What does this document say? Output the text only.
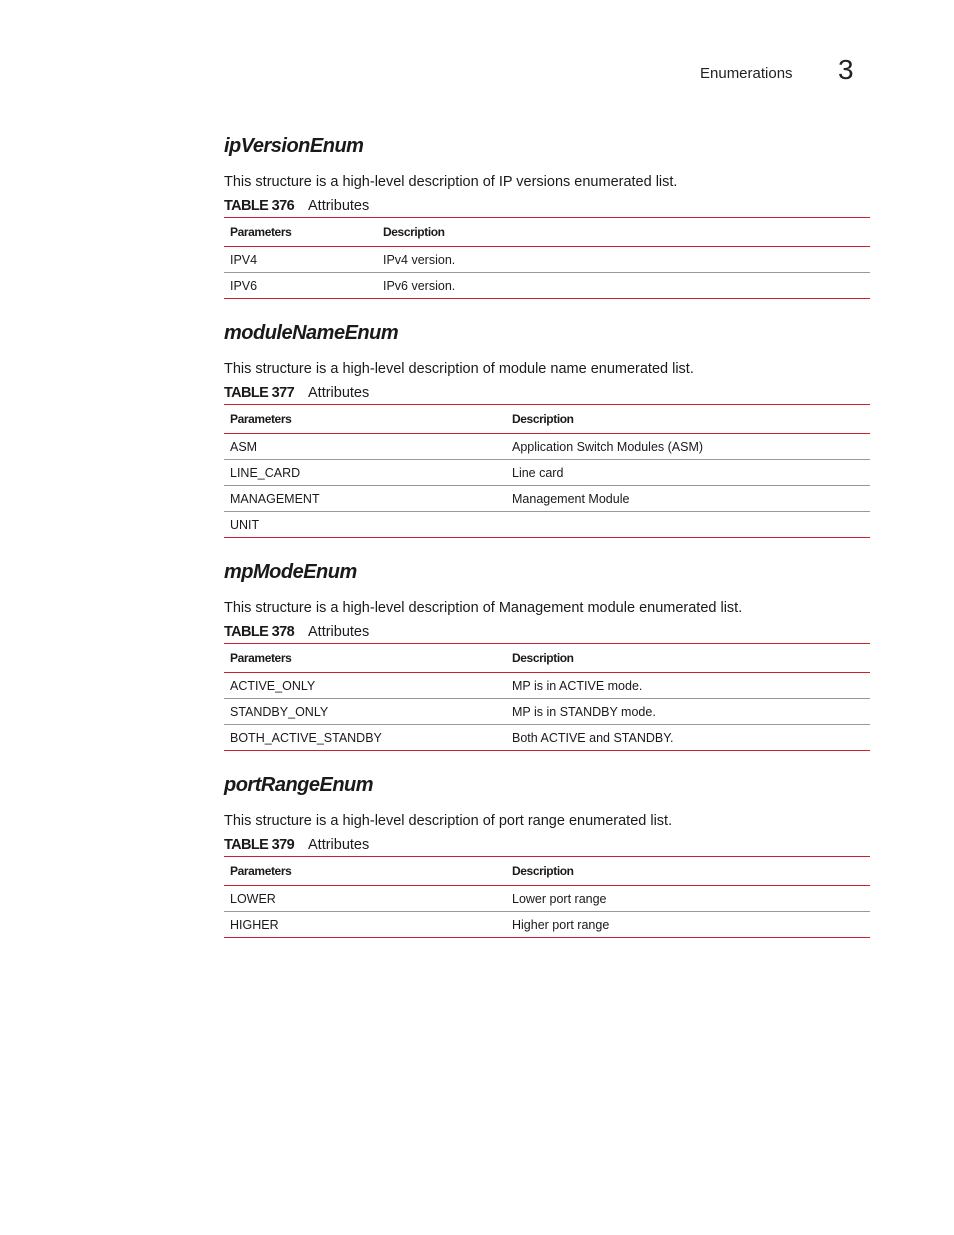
Enumerations 3
ipVersionEnum
This structure is a high-level description of IP versions enumerated list.
TABLE 376 Attributes
Parameters	Description
IPV4	IPv4 version.
IPV6	IPv6 version.
moduleNameEnum
This structure is a high-level description of module name enumerated list.
TABLE 377 Attributes
Parameters	Description
ASM	Application Switch Modules (ASM)
LINE_CARD	Line card
MANAGEMENT	Management Module
UNIT	
mpModeEnum
This structure is a high-level description of Management module enumerated list.
TABLE 378 Attributes
Parameters	Description
ACTIVE_ONLY	MP is in ACTIVE mode.
STANDBY_ONLY	MP is in STANDBY mode.
BOTH_ACTIVE_STANDBY	Both ACTIVE and STANDBY.
portRangeEnum
This structure is a high-level description of port range enumerated list.
TABLE 379 Attributes
Parameters	Description
LOWER	Lower port range
HIGHER	Higher port range
